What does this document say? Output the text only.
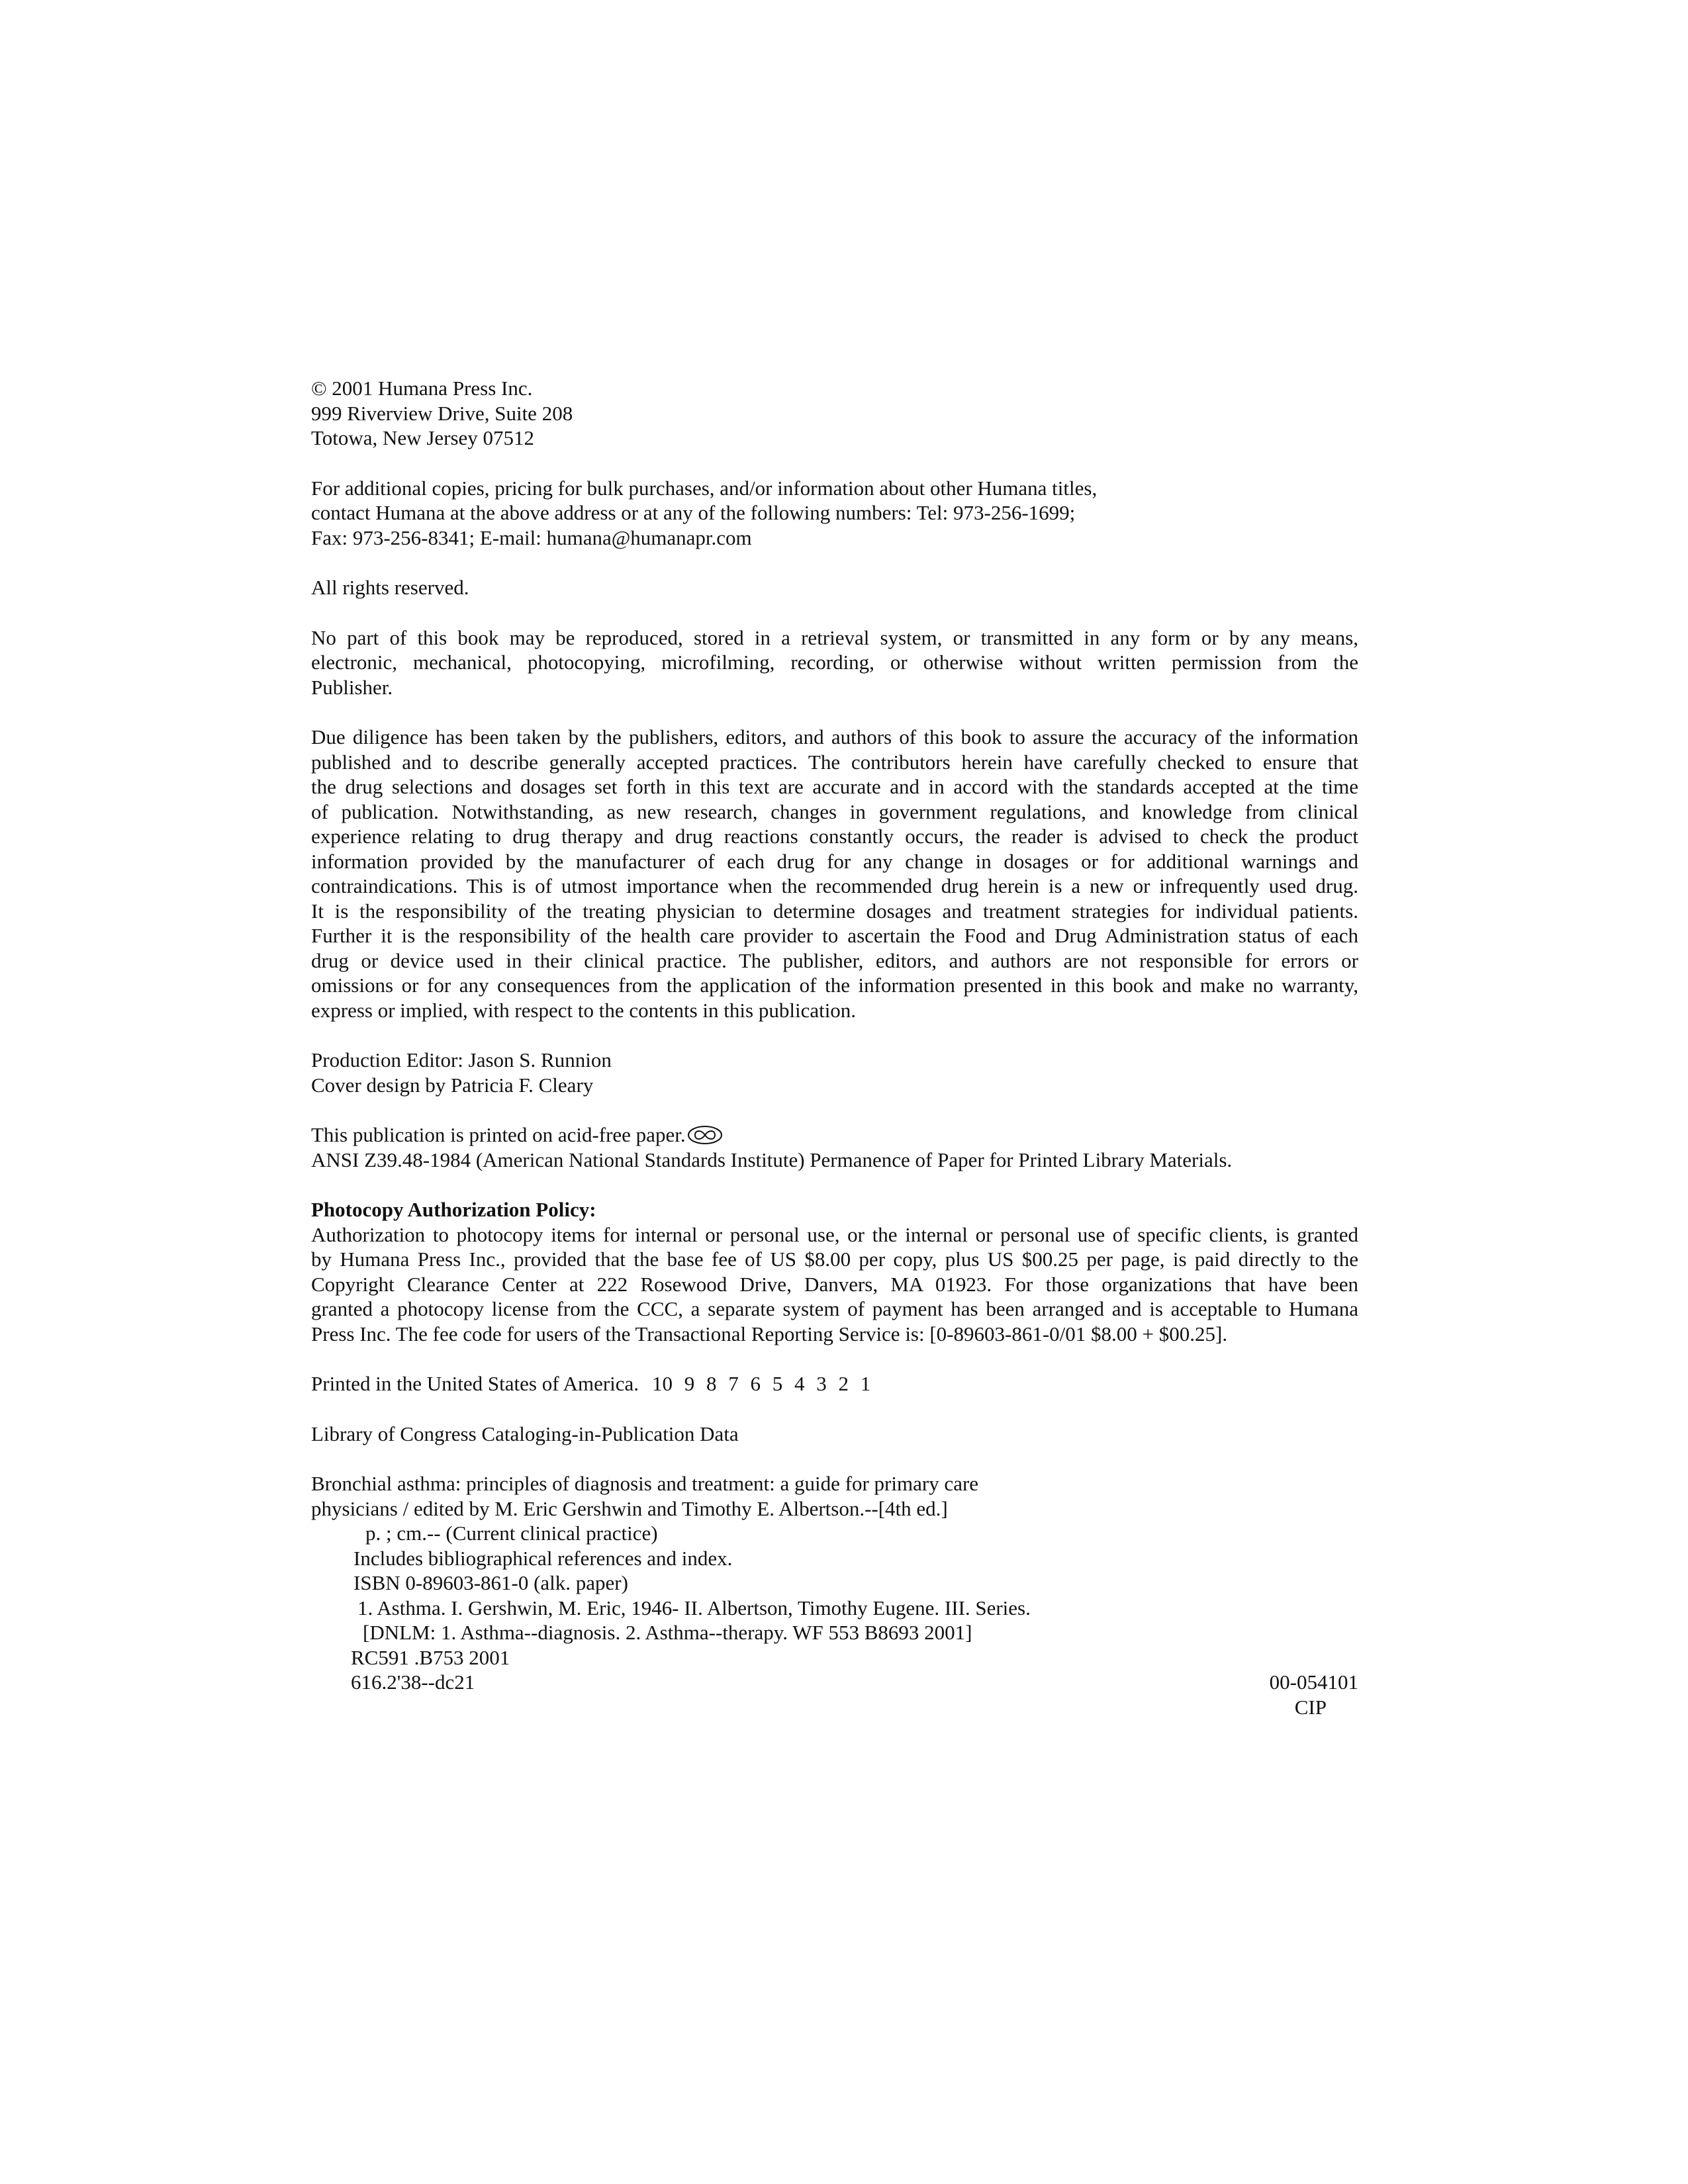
© 2001 Humana Press Inc.
999 Riverview Drive, Suite 208
Totowa, New Jersey 07512
For additional copies, pricing for bulk purchases, and/or information about other Humana titles,
contact Humana at the above address or at any of the following numbers: Tel: 973-256-1699;
Fax: 973-256-8341; E-mail: humana@humanapr.com
All rights reserved.
No part of this book may be reproduced, stored in a retrieval system, or transmitted in any form or by any means,
electronic, mechanical, photocopying, microfilming, recording, or otherwise without written permission from the
Publisher.
Due diligence has been taken by the publishers, editors, and authors of this book to assure the accuracy of the information
published and to describe generally accepted practices. The contributors herein have carefully checked to ensure that
the drug selections and dosages set forth in this text are accurate and in accord with the standards accepted at the time
of publication. Notwithstanding, as new research, changes in government regulations, and knowledge from clinical
experience relating to drug therapy and drug reactions constantly occurs, the reader is advised to check the product
information provided by the manufacturer of each drug for any change in dosages or for additional warnings and
contraindications. This is of utmost importance when the recommended drug herein is a new or infrequently used drug.
It is the responsibility of the treating physician to determine dosages and treatment strategies for individual patients.
Further it is the responsibility of the health care provider to ascertain the Food and Drug Administration status of each
drug or device used in their clinical practice. The publisher, editors, and authors are not responsible for errors or
omissions or for any consequences from the application of the information presented in this book and make no warranty,
express or implied, with respect to the contents in this publication.
Production Editor: Jason S. Runnion
Cover design by Patricia F. Cleary
This publication is printed on acid-free paper.
ANSI Z39.48-1984 (American National Standards Institute) Permanence of Paper for Printed Library Materials.
Photocopy Authorization Policy:
Authorization to photocopy items for internal or personal use, or the internal or personal use of specific clients, is granted
by Humana Press Inc., provided that the base fee of US $8.00 per copy, plus US $00.25 per page, is paid directly to the
Copyright Clearance Center at 222 Rosewood Drive, Danvers, MA 01923. For those organizations that have been
granted a photocopy license from the CCC, a separate system of payment has been arranged and is acceptable to Humana
Press Inc. The fee code for users of the Transactional Reporting Service is: [0-89603-861-0/01 $8.00 + $00.25].
Printed in the United States of America. 10 9 8 7 6 5 4 3 2 1
Library of Congress Cataloging-in-Publication Data
Bronchial asthma: principles of diagnosis and treatment: a guide for primary care
physicians / edited by M. Eric Gershwin and Timothy E. Albertson.--[4th ed.]
p. ; cm.-- (Current clinical practice)
Includes bibliographical references and index.
ISBN 0-89603-861-0 (alk. paper)
1. Asthma. I. Gershwin, M. Eric, 1946- II. Albertson, Timothy Eugene. III. Series.
[DNLM: 1. Asthma--diagnosis. 2. Asthma--therapy. WF 553 B8693 2001]
RC591 .B753 2001
616.2'38--dc21	00-054101
CIP
